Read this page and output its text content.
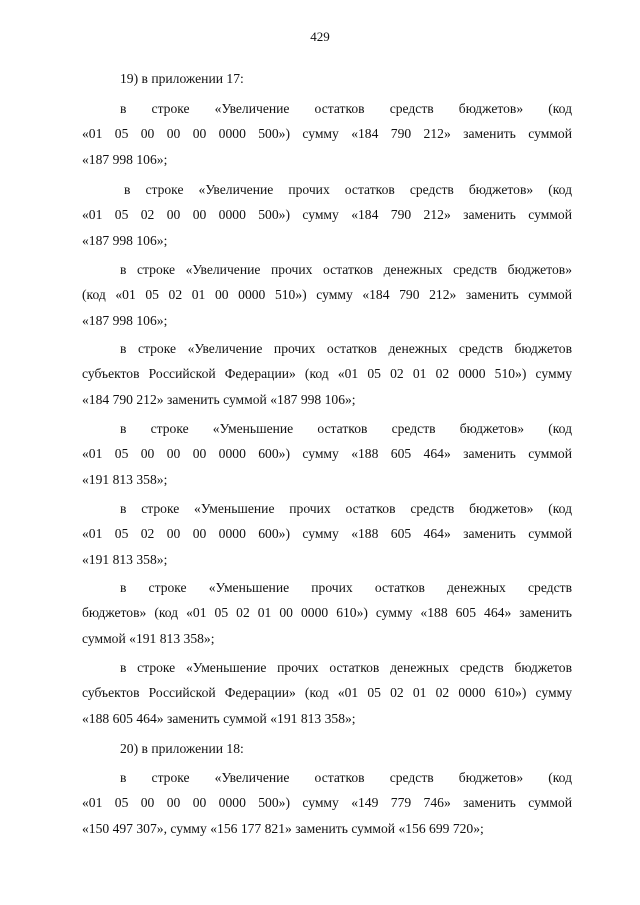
429
19) в приложении 17:
в строке «Увеличение остатков средств бюджетов» (код
«01 05 00 00 00 0000 500») сумму «184 790 212» заменить суммой
«187 998 106»;
в строке «Увеличение прочих остатков средств бюджетов» (код
«01 05 02 00 00 0000 500») сумму «184 790 212» заменить суммой
«187 998 106»;
в строке «Увеличение прочих остатков денежных средств бюджетов»
(код «01 05 02 01 00 0000 510») сумму «184 790 212» заменить суммой
«187 998 106»;
в строке «Увеличение прочих остатков денежных средств бюджетов
субъектов Российской Федерации» (код «01 05 02 01 02 0000 510») сумму
«184 790 212» заменить суммой «187 998 106»;
в строке «Уменьшение остатков средств бюджетов» (код
«01 05 00 00 00 0000 600») сумму «188 605 464» заменить суммой
«191 813 358»;
в строке «Уменьшение прочих остатков средств бюджетов» (код
«01 05 02 00 00 0000 600») сумму «188 605 464» заменить суммой
«191 813 358»;
в строке «Уменьшение прочих остатков денежных средств
бюджетов» (код «01 05 02 01 00 0000 610») сумму «188 605 464» заменить
суммой «191 813 358»;
в строке «Уменьшение прочих остатков денежных средств бюджетов
субъектов Российской Федерации» (код «01 05 02 01 02 0000 610») сумму
«188 605 464» заменить суммой «191 813 358»;
20) в приложении 18:
в строке «Увеличение остатков средств бюджетов» (код
«01 05 00 00 00 0000 500») сумму «149 779 746» заменить суммой
«150 497 307», сумму «156 177 821» заменить суммой «156 699 720»;
